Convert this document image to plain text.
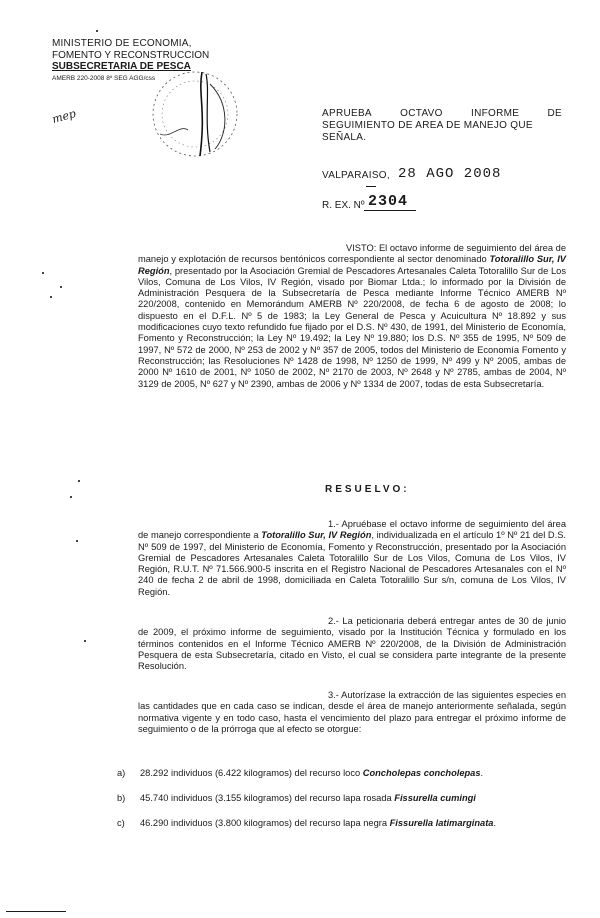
MINISTERIO DE ECONOMIA,
FOMENTO Y RECONSTRUCCION
SUBSECRETARIA DE PESCA
AMERB 220-2008 8º SEG AGG/css
mep	APRUEBA	OCTAVO	INFORME	DE
SEGUIMIENTO DE AREA DE MANEJO QUE
SEÑALA.
VALPARAISO, 28 AGO 2008
R. EX. Nº 2304
VISTO: El octavo informe de seguimiento del área de manejo y explotación de recursos bentónicos correspondiente al sector denominado Totoralillo Sur, IV Región, presentado por la Asociación Gremial de Pescadores Artesanales Caleta Totoralillo Sur de Los Vilos, Comuna de Los Vilos, IV Región, visado por Biomar Ltda.; lo informado por la División de Administración Pesquera de la Subsecretaría de Pesca mediante Informe Técnico AMERB Nº 220/2008, contenido en Memorándum AMERB Nº 220/2008, de fecha 6 de agosto de 2008; lo dispuesto en el D.F.L. Nº 5 de 1983; la Ley General de Pesca y Acuicultura Nº 18.892 y sus modificaciones cuyo texto refundido fue fijado por el D.S. Nº 430, de 1991, del Ministerio de Economía, Fomento y Reconstrucción; la Ley Nº 19.492; la Ley Nº 19.880; los D.S. Nº 355 de 1995, Nº 509 de 1997, Nº 572 de 2000, Nº 253 de 2002 y Nº 357 de 2005, todos del Ministerio de Economía Fomento y Reconstrucción; las Resoluciones Nº 1428 de 1998, Nº 1250 de 1999, Nº 499 y Nº 2005, ambas de 2000 Nº 1610 de 2001, Nº 1050 de 2002, Nº 2170 de 2003, Nº 2648 y Nº 2785, ambas de 2004, Nº 3129 de 2005, Nº 627 y Nº 2390, ambas de 2006 y Nº 1334 de 2007, todas de esta Subsecretaría.
RESUELVO:
1.- Apruébase el octavo informe de seguimiento del área de manejo correspondiente a Totoralillo Sur, IV Región, individualizada en el artículo 1º Nº 21 del D.S. Nº 509 de 1997, del Ministerio de Economía, Fomento y Reconstrucción, presentado por la Asociación Gremial de Pescadores Artesanales Caleta Totoralillo Sur de Los Vilos, Comuna de Los Vilos, IV Región, R.U.T. Nº 71.566.900-5 inscrita en el Registro Nacional de Pescadores Artesanales con el Nº 240 de fecha 2 de abril de 1998, domiciliada en Caleta Totoralillo Sur s/n, comuna de Los Vilos, IV Región.
2.- La peticionaria deberá entregar antes de 30 de junio de 2009, el próximo informe de seguimiento, visado por la Institución Técnica y formulado en los términos contenidos en el Informe Técnico AMERB Nº 220/2008, de la División de Administración Pesquera de esta Subsecretaría, citado en Visto, el cual se considera parte integrante de la presente Resolución.
3.- Autorízase la extracción de las siguientes especies en las cantidades que en cada caso se indican, desde el área de manejo anteriormente señalada, según normativa vigente y en todo caso, hasta el vencimiento del plazo para entregar el próximo informe de seguimiento o de la prórroga que al efecto se otorgue:
a) 28.292 individuos (6.422 kilogramos) del recurso loco Concholepas concholepas.
b) 45.740 individuos (3.155 kilogramos) del recurso lapa rosada Fissurella cumingi
c) 46.290 individuos (3.800 kilogramos) del recurso lapa negra Fissurella latimarginata.
